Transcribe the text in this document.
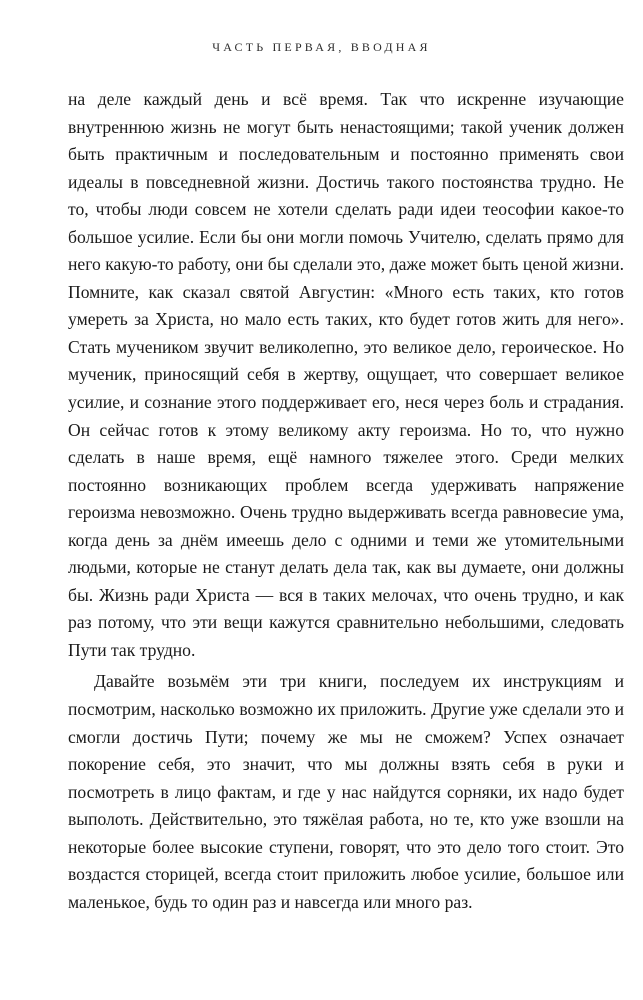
ЧАСТЬ ПЕРВАЯ, ВВОДНАЯ

на деле каждый день и всё время. Так что искренне изучающие внутреннюю жизнь не могут быть ненастоящими; такой ученик должен быть практичным и последовательным и постоянно применять свои идеалы в повседневной жизни. Достичь такого постоянства трудно. Не то, чтобы люди совсем не хотели сделать ради идеи теософии какое-то большое усилие. Если бы они могли помочь Учителю, сделать прямо для него какую-то работу, они бы сделали это, даже может быть ценой жизни. Помните, как сказал святой Августин: «Много есть таких, кто готов умереть за Христа, но мало есть таких, кто будет готов жить для него». Стать мучеником звучит великолепно, это великое дело, героическое. Но мученик, приносящий себя в жертву, ощущает, что совершает великое усилие, и сознание этого поддерживает его, неся через боль и страдания. Он сейчас готов к этому великому акту героизма. Но то, что нужно сделать в наше время, ещё намного тяжелее этого. Среди мелких постоянно возникающих проблем всегда удерживать напряжение героизма невозможно. Очень трудно выдерживать всегда равновесие ума, когда день за днём имеешь дело с одними и теми же утомительными людьми, которые не станут делать дела так, как вы думаете, они должны бы. Жизнь ради Христа — вся в таких мелочах, что очень трудно, и как раз потому, что эти вещи кажутся сравнительно небольшими, следовать Пути так трудно.

Давайте возьмём эти три книги, последуем их инструкциям и посмотрим, насколько возможно их приложить. Другие уже сделали это и смогли достичь Пути; почему же мы не сможем? Успех означает покорение себя, это значит, что мы должны взять себя в руки и посмотреть в лицо фактам, и где у нас найдутся сорняки, их надо будет выполоть. Действительно, это тяжёлая работа, но те, кто уже взошли на некоторые более высокие ступени, говорят, что это дело того стоит. Это воздастся сторицей, всегда стоит приложить любое усилие, большое или маленькое, будь то один раз и навсегда или много раз.
